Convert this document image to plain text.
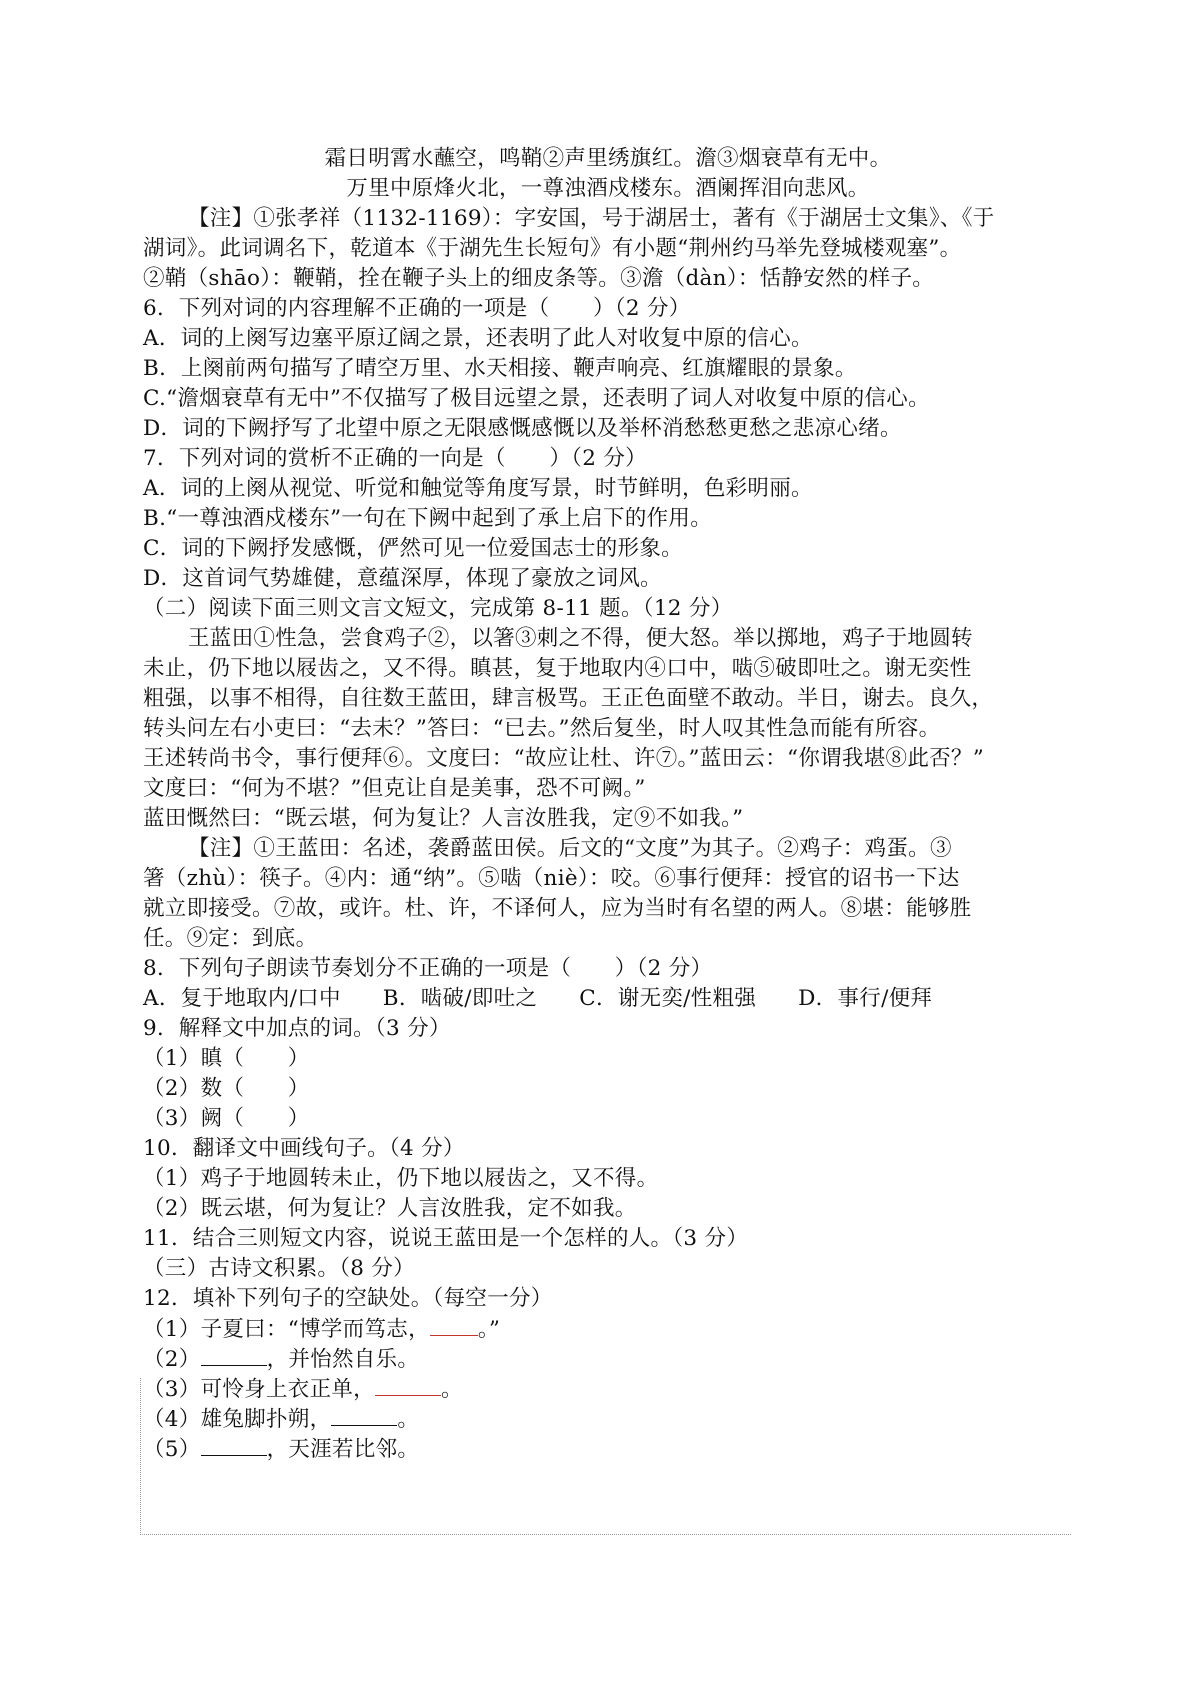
霜日明霄水蘸空，鸣鞘②声里绣旗红。澹③烟衰草有无中。
万里中原烽火北，一尊浊酒戍楼东。酒阑挥泪向悲风。
【注】①张孝祥（1132-1169）：字安国，号于湖居士，著有《于湖居士文集》、《于
湖词》。此词调名下，乾道本《于湖先生长短句》有小题“荆州约马举先登城楼观塞”。
②鞘（shāo）：鞭鞘，拴在鞭子头上的细皮条等。③澹（dàn）：恬静安然的样子。
6．下列对词的内容理解不正确的一项是（　　）（2 分）
A．词的上阕写边塞平原辽阔之景，还表明了此人对收复中原的信心。
B．上阕前两句描写了晴空万里、水天相接、鞭声响亮、红旗耀眼的景象。
C.“澹烟衰草有无中”不仅描写了极目远望之景，还表明了词人对收复中原的信心。
D．词的下阙抒写了北望中原之无限感慨感慨以及举杯消愁愁更愁之悲凉心绪。
7．下列对词的赏析不正确的一向是（　　）（2 分）
A．词的上阕从视觉、听觉和触觉等角度写景，时节鲜明，色彩明丽。
B.“一尊浊酒戍楼东”一句在下阙中起到了承上启下的作用。
C．词的下阙抒发感慨，俨然可见一位爱国志士的形象。
D．这首词气势雄健，意蕴深厚，体现了豪放之词风。
（二）阅读下面三则文言文短文，完成第 8-11 题。（12 分）
王蓝田①性急，尝食鸡子②，以箸③刺之不得，便大怒。举以掷地，鸡子于地圆转
未止，仍下地以屐齿之，又不得。瞋甚，复于地取内④口中，啮⑤破即吐之。谢无奕性
粗强，以事不相得，自往数王蓝田，肆言极骂。王正色面壁不敢动。半日，谢去。良久，
转头问左右小吏曰：“去未？”答曰：“已去。”然后复坐，时人叹其性急而能有所容。
王述转尚书令，事行便拜⑥。文度曰：“故应让杜、许⑦。”蓝田云：“你谓我堪⑧此否？”
文度曰：“何为不堪？”但克让自是美事，恐不可阙。”
蓝田慨然曰：“既云堪，何为复让？人言汝胜我，定⑨不如我。”
【注】①王蓝田：名述，袭爵蓝田侯。后文的“文度”为其子。②鸡子：鸡蛋。③
箸（zhù）：筷子。④内：通“纳”。⑤啮（niè）：咬。⑥事行便拜：授官的诏书一下达
就立即接受。⑦故，或许。杜、许，不译何人，应为当时有名望的两人。⑧堪：能够胜
任。⑨定：到底。
8．下列句子朗读节奏划分不正确的一项是（　　）（2 分）
A．复于地取内/口中 B．啮破/即吐之 C．谢无奕/性粗强 D．事行/便拜
9．解释文中加点的词。（3 分）
（1）瞋（　　）
（2）数（　　）
（3）阙（　　）
10．翻译文中画线句子。（4 分）
（1）鸡子于地圆转未止，仍下地以屐齿之，又不得。
（2）既云堪，何为复让？人言汝胜我，定不如我。
11．结合三则短文内容，说说王蓝田是一个怎样的人。（3 分）
（三）古诗文积累。（8 分）
12．填补下列句子的空缺处。（每空一分）
（1）子夏曰：“博学而笃志， 。”
（2）	，并怡然自乐。
（3）可怜身上衣正单，	。
（4）雄兔脚扑朔，	。
（5）	，天涯若比邻。
